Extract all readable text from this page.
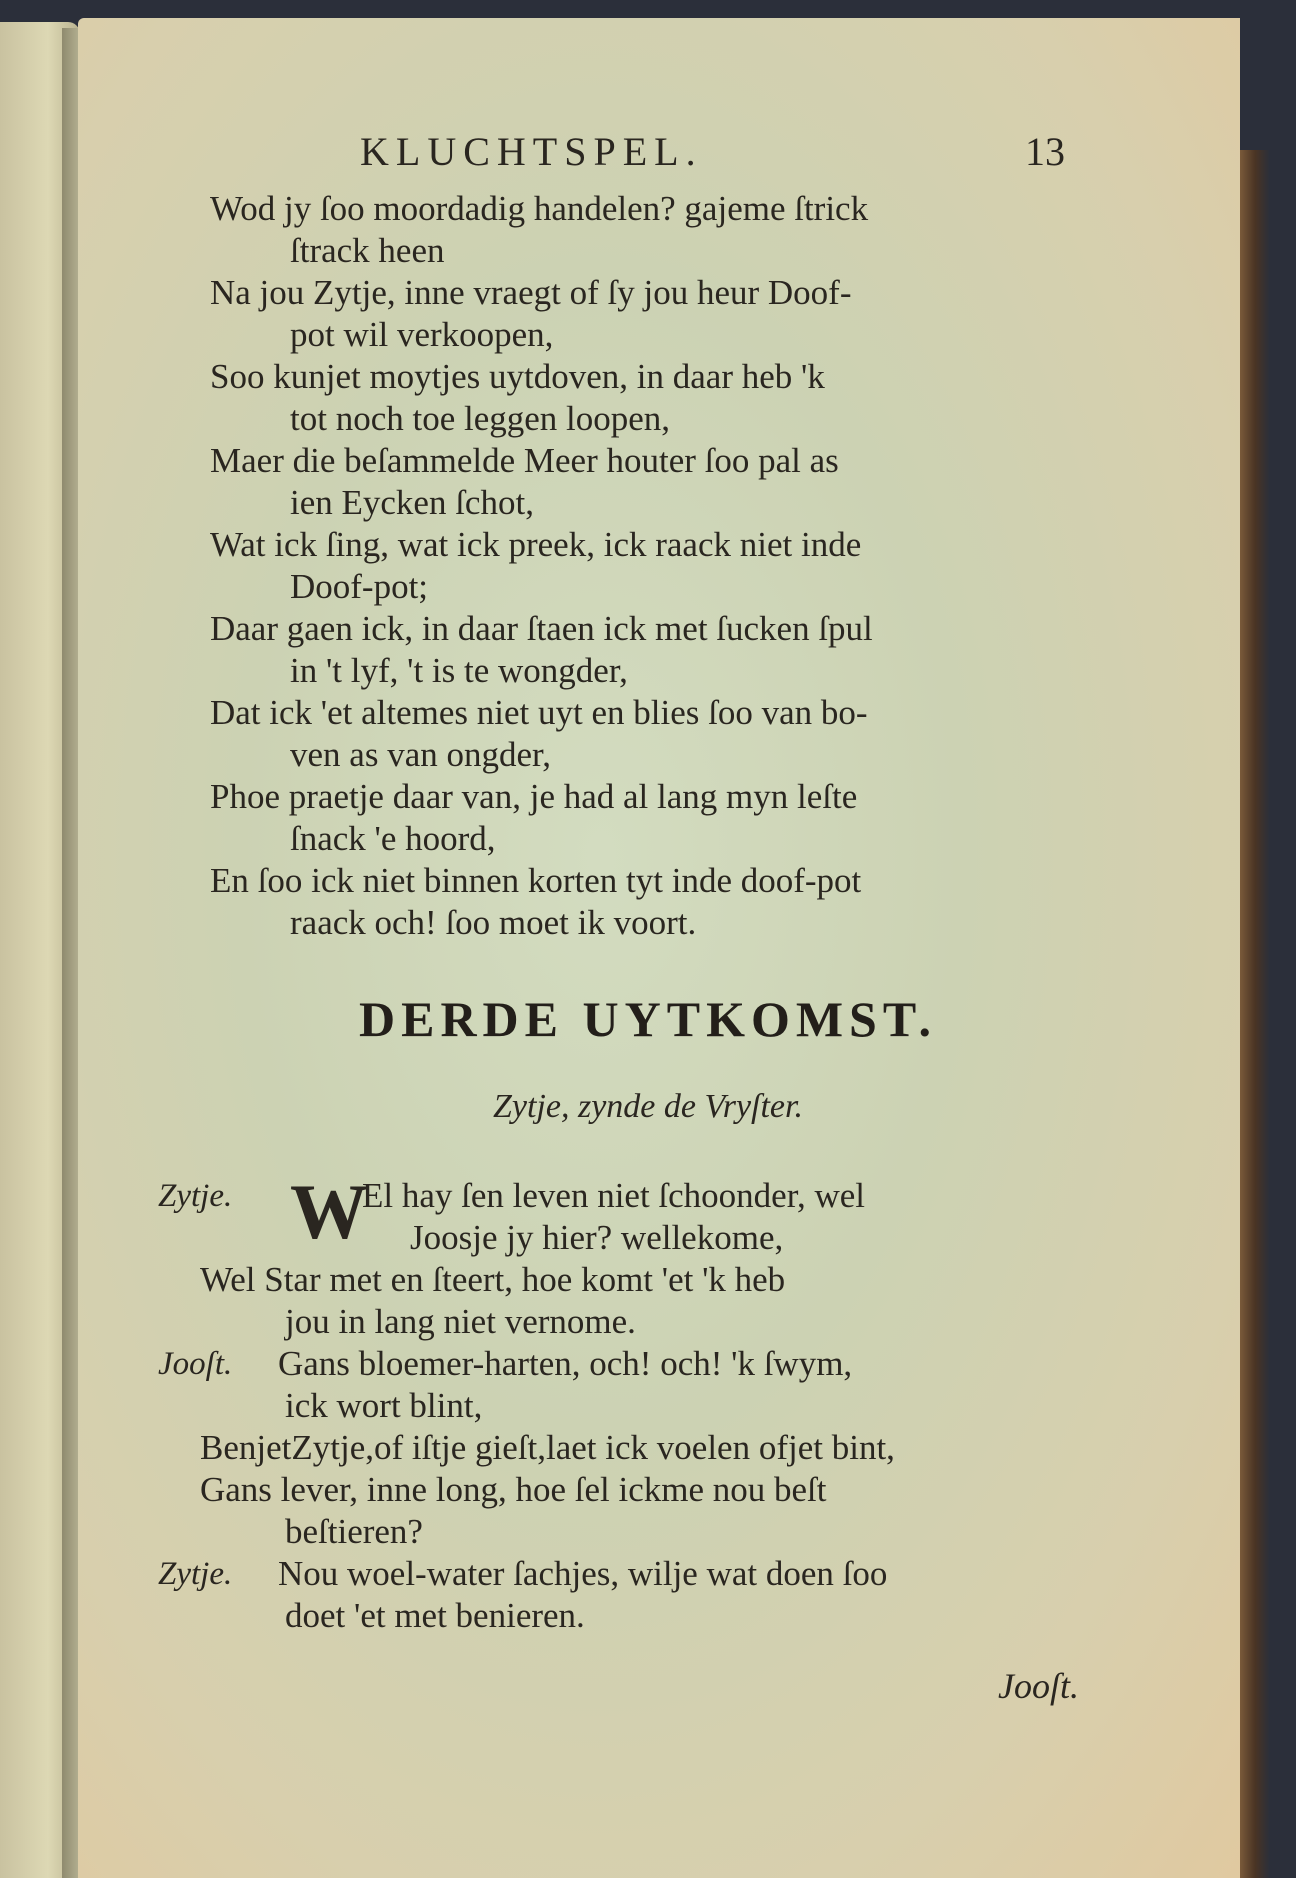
KLUCHTSPEL.	13
Wod jy ſoo moordadig handelen? gajeme ſtrick
ſtrack heen
Na jou Zytje, inne vraegt of ſy jou heur Doof-
pot wil verkoopen,
Soo kunjet moytjes uytdoven, in daar heb 'k
tot noch toe leggen loopen,
Maer die beſammelde Meer houter ſoo pal as
ien Eycken ſchot,
Wat ick ſing, wat ick preek, ick raack niet inde
Doof-pot;
Daar gaen ick, in daar ſtaen ick met ſucken ſpul
in 't lyf, 't is te wongder,
Dat ick 'et altemes niet uyt en blies ſoo van bo-
ven as van ongder,
Phoe praetje daar van, je had al lang myn leſte
ſnack 'e hoord,
En ſoo ick niet binnen korten tyt inde doof-pot
raack och! ſoo moet ik voort.
DERDE UYTKOMST.
Zytje, zynde de Vryſter.
Zytje. W
El hay ſen leven niet ſchoonder, wel
Joosje jy hier? wellekome,
Wel Star met en ſteert, hoe komt 'et 'k heb
jou in lang niet vernome.
Jooſt. Gans bloemer-harten, och! och! 'k ſwym,
ick wort blint,
BenjetZytje,of iſtje gieſt,laet ick voelen ofjet bint,
Gans lever, inne long, hoe ſel ickme nou beſt
beſtieren?
Zytje. Nou woel-water ſachjes, wilje wat doen ſoo
doet 'et met benieren.
Jooſt.
